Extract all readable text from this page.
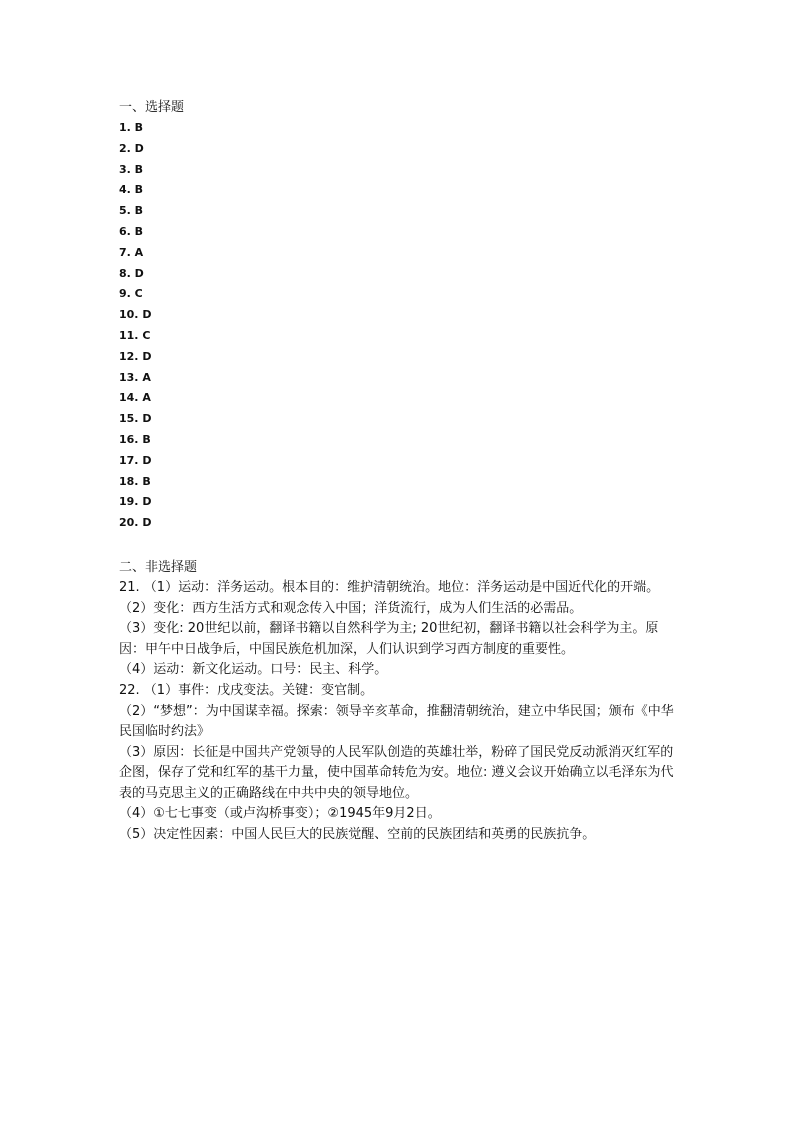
一、选择题
1. B
2. D
3. B
4. B
5. B
6. B
7. A
8. D
9. C
10. D
11. C
12. D
13. A
14. A
15. D
16. B
17. D
18. B
19. D
20. D
二、非选择题

21. （1）运动：洋务运动。根本目的：维护清朝统治。地位：洋务运动是中国近代化的开端。

（2）变化：西方生活方式和观念传入中国；洋货流行，成为人们生活的必需品。

（3）变化: 20世纪以前，翻译书籍以自然科学为主; 20世纪初，翻译书籍以社会科学为主。原因：甲午中日战争后，中国民族危机加深，人们认识到学习西方制度的重要性。

（4）运动：新文化运动。口号：民主、科学。

22. （1）事件：戊戌变法。关键：变官制。

（2）“梦想”：为中国谋幸福。探索：领导辛亥革命，推翻清朝统治，建立中华民国；颁布《中华民国临时约法》

（3）原因：长征是中国共产党领导的人民军队创造的英雄壮举，粉碎了国民党反动派消灭红军的企图，保存了党和红军的基干力量，使中国革命转危为安。地位: 遵义会议开始确立以毛泽东为代表的马克思主义的正确路线在中共中央的领导地位。

（4）①七七事变（或卢沟桥事变）；②1945年9月2日。

（5）决定性因素：中国人民巨大的民族觉醒、空前的民族团结和英勇的民族抗争。
